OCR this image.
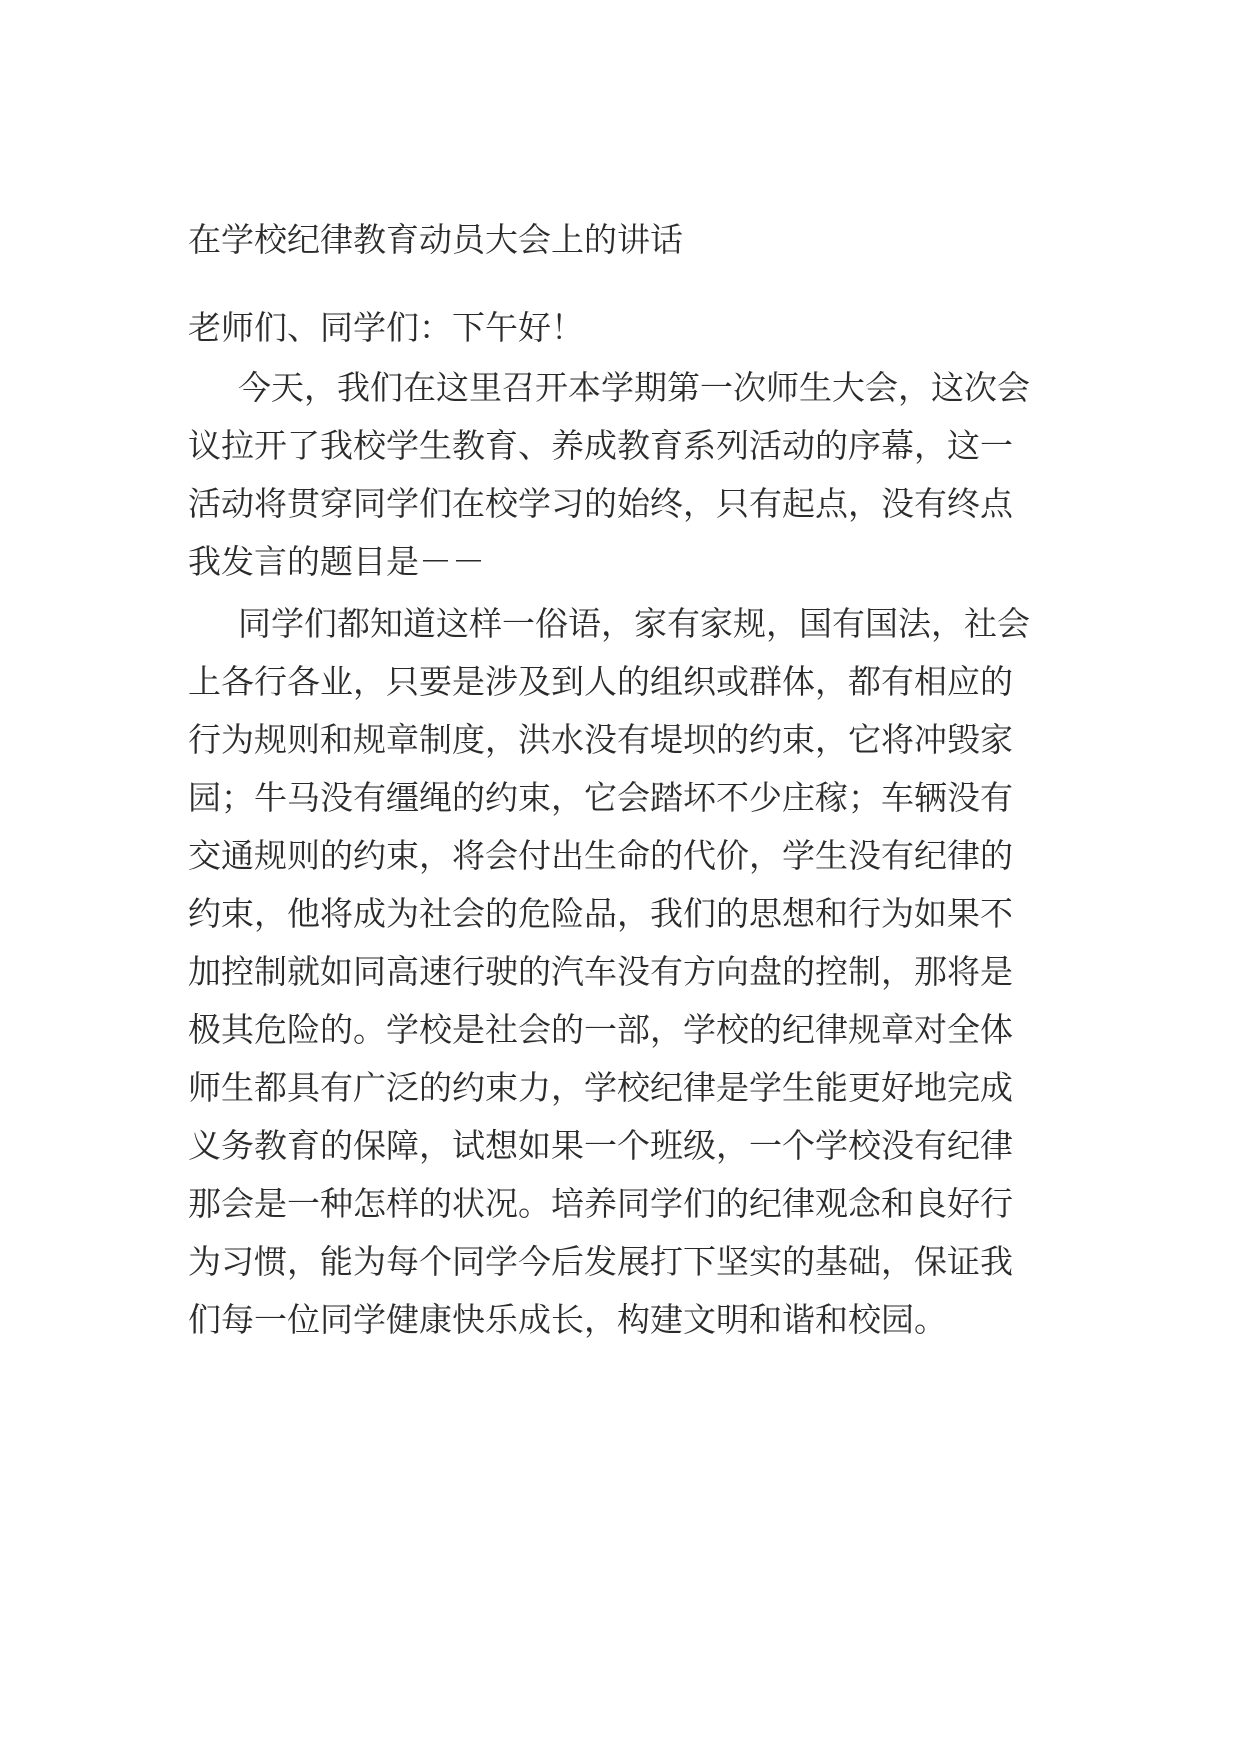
在学校纪律教育动员大会上的讲话

老师们、同学们：下午好！

今天，我们在这里召开本学期第一次师生大会，这次会

议拉开了我校学生教育、养成教育系列活动的序幕，这一

活动将贯穿同学们在校学习的始终，只有起点，没有终点

我发言的题目是－－

同学们都知道这样一俗语，家有家规，国有国法，社会

上各行各业，只要是涉及到人的组织或群体，都有相应的

行为规则和规章制度，洪水没有堤坝的约束，它将冲毁家

园；牛马没有缰绳的约束，它会踏坏不少庄稼；车辆没有

交通规则的约束，将会付出生命的代价，学生没有纪律的

约束，他将成为社会的危险品，我们的思想和行为如果不

加控制就如同高速行驶的汽车没有方向盘的控制，那将是

极其危险的。学校是社会的一部，学校的纪律规章对全体

师生都具有广泛的约束力，学校纪律是学生能更好地完成

义务教育的保障，试想如果一个班级，一个学校没有纪律

那会是一种怎样的状况。培养同学们的纪律观念和良好行

为习惯，能为每个同学今后发展打下坚实的基础，保证我

们每一位同学健康快乐成长，构建文明和谐和校园。
